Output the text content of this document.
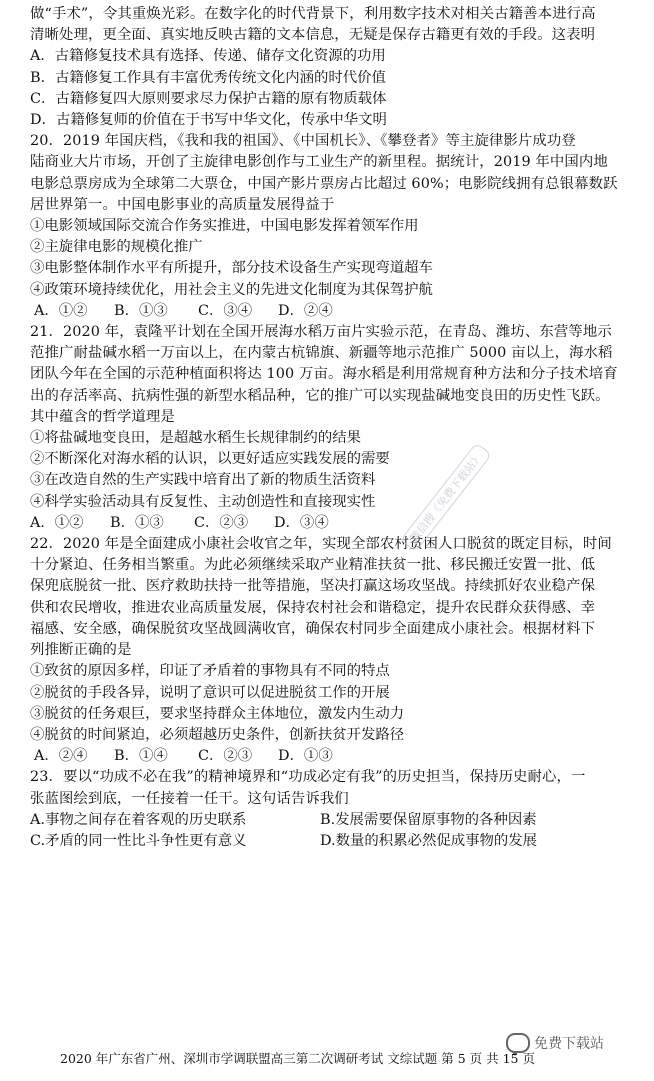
做“手术”，令其重焕光彩。在数字化的时代背景下，利用数字技术对相关古籍善本进行高
清晰处理，更全面、真实地反映古籍的文本信息，无疑是保存古籍更有效的手段。这表明
A．古籍修复技术具有选择、传递、储存文化资源的功用
B．古籍修复工作具有丰富优秀传统文化内涵的时代价值
C．古籍修复四大原则要求尽力保护古籍的原有物质载体
D．古籍修复师的价值在于书写中华文化，传承中华文明
20．2019 年国庆档，《我和我的祖国》、《中国机长》、《攀登者》等主旋律影片成功登
陆商业大片市场，开创了主旋律电影创作与工业生产的新里程。据统计，2019 年中国内地
电影总票房成为全球第二大票仓，中国产影片票房占比超过 60%；电影院线拥有总银幕数跃
居世界第一。中国电影事业的高质量发展得益于
①电影领域国际交流合作务实推进，中国电影发挥着领军作用
②主旋律电影的规模化推广
③电影整体制作水平有所提升，部分技术设备生产实现弯道超车
④政策环境持续优化，用社会主义的先进文化制度为其保驾护航
A．①②	B．①③	C．③④	D．②④
21．2020 年，袁隆平计划在全国开展海水稻万亩片实验示范，在青岛、潍坊、东营等地示
范推广耐盐碱水稻一万亩以上，在内蒙古杭锦旗、新疆等地示范推广 5000 亩以上，海水稻
团队今年在全国的示范种植面积将达 100 万亩。海水稻是利用常规育种方法和分子技术培育
出的存活率高、抗病性强的新型水稻品种，它的推广可以实现盐碱地变良田的历史性飞跃。
其中蕴含的哲学道理是
①将盐碱地变良田，是超越水稻生长规律制约的结果
②不断深化对海水稻的认识，以更好适应实践发展的需要
③在改造自然的生产实践中培育出了新的物质生活资料
④科学实验活动具有反复性、主动创造性和直接现实性
A．①②	B．①③	C．②③	D．③④
22．2020 年是全面建成小康社会收官之年，实现全部农村贫困人口脱贫的既定目标，时间
十分紧迫、任务相当繁重。为此必须继续采取产业精准扶贫一批、移民搬迁安置一批、低
保兜底脱贫一批、医疗救助扶持一批等措施，坚决打赢这场攻坚战。持续抓好农业稳产保
供和农民增收，推进农业高质量发展，保持农村社会和谐稳定，提升农民群众获得感、幸
福感、安全感，确保脱贫攻坚战圆满收官，确保农村同步全面建成小康社会。根据材料下
列推断正确的是
①致贫的原因多样，印证了矛盾着的事物具有不同的特点
②脱贫的手段各异，说明了意识可以促进脱贫工作的开展
③脱贫的任务艰巨，要求坚持群众主体地位，激发内生动力
④脱贫的时间紧迫，必须超越历史条件，创新扶贫开发路径
A．②④	B．①④	C．②③	D．①③
23．要以“功成不必在我”的精神境界和“功成必定有我”的历史担当，保持历史耐心，一
张蓝图绘到底，一任接着一任干。这句话告诉我们
A.事物之间存在着客观的历史联系	B.发展需要保留原事物的各种因素
C.矛盾的同一性比斗争性更有意义	D.数量的积累必然促成事物的发展
微信搜《免费下载站》
免费下载站
2020 年广东省广州、深圳市学调联盟高三第二次调研考试 文综试题 第 5 页 共 15 页
